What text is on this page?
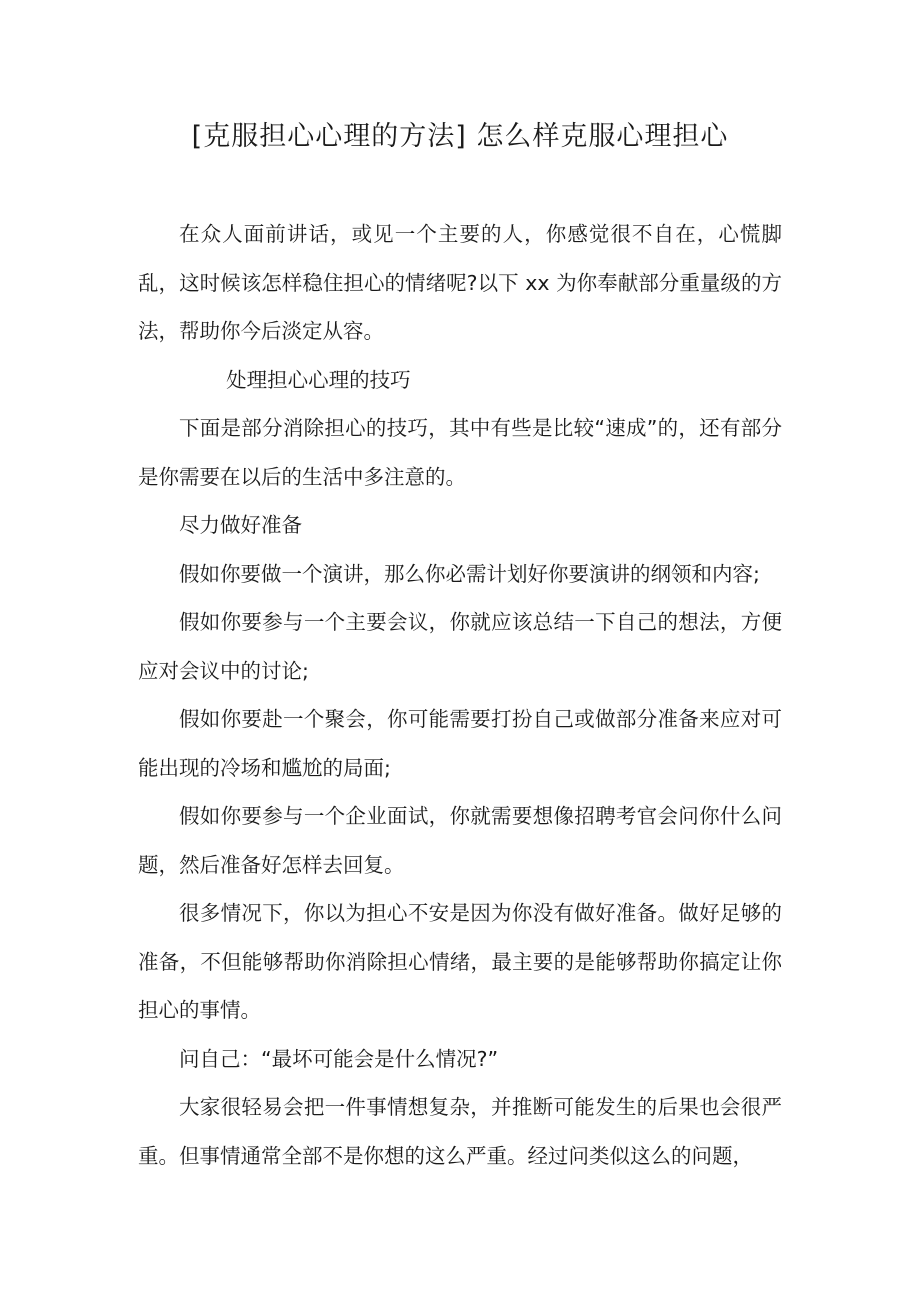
[克服担心心理的方法] 怎么样克服心理担心

在众人面前讲话，或见一个主要的人，你感觉很不自在，心慌脚乱，这时候该怎样稳住担心的情绪呢?以下 xx 为你奉献部分重量级的方法，帮助你今后淡定从容。

处理担心心理的技巧

下面是部分消除担心的技巧，其中有些是比较“速成”的，还有部分是你需要在以后的生活中多注意的。

尽力做好准备

假如你要做一个演讲，那么你必需计划好你要演讲的纲领和内容;

假如你要参与一个主要会议，你就应该总结一下自己的想法，方便应对会议中的讨论;

假如你要赴一个聚会，你可能需要打扮自己或做部分准备来应对可能出现的冷场和尴尬的局面;

假如你要参与一个企业面试，你就需要想像招聘考官会问你什么问题，然后准备好怎样去回复。

很多情况下，你以为担心不安是因为你没有做好准备。做好足够的准备，不但能够帮助你消除担心情绪，最主要的是能够帮助你搞定让你担心的事情。

问自己：“最坏可能会是什么情况?”

大家很轻易会把一件事情想复杂，并推断可能发生的后果也会很严重。但事情通常全部不是你想的这么严重。经过问类似这么的问题，
